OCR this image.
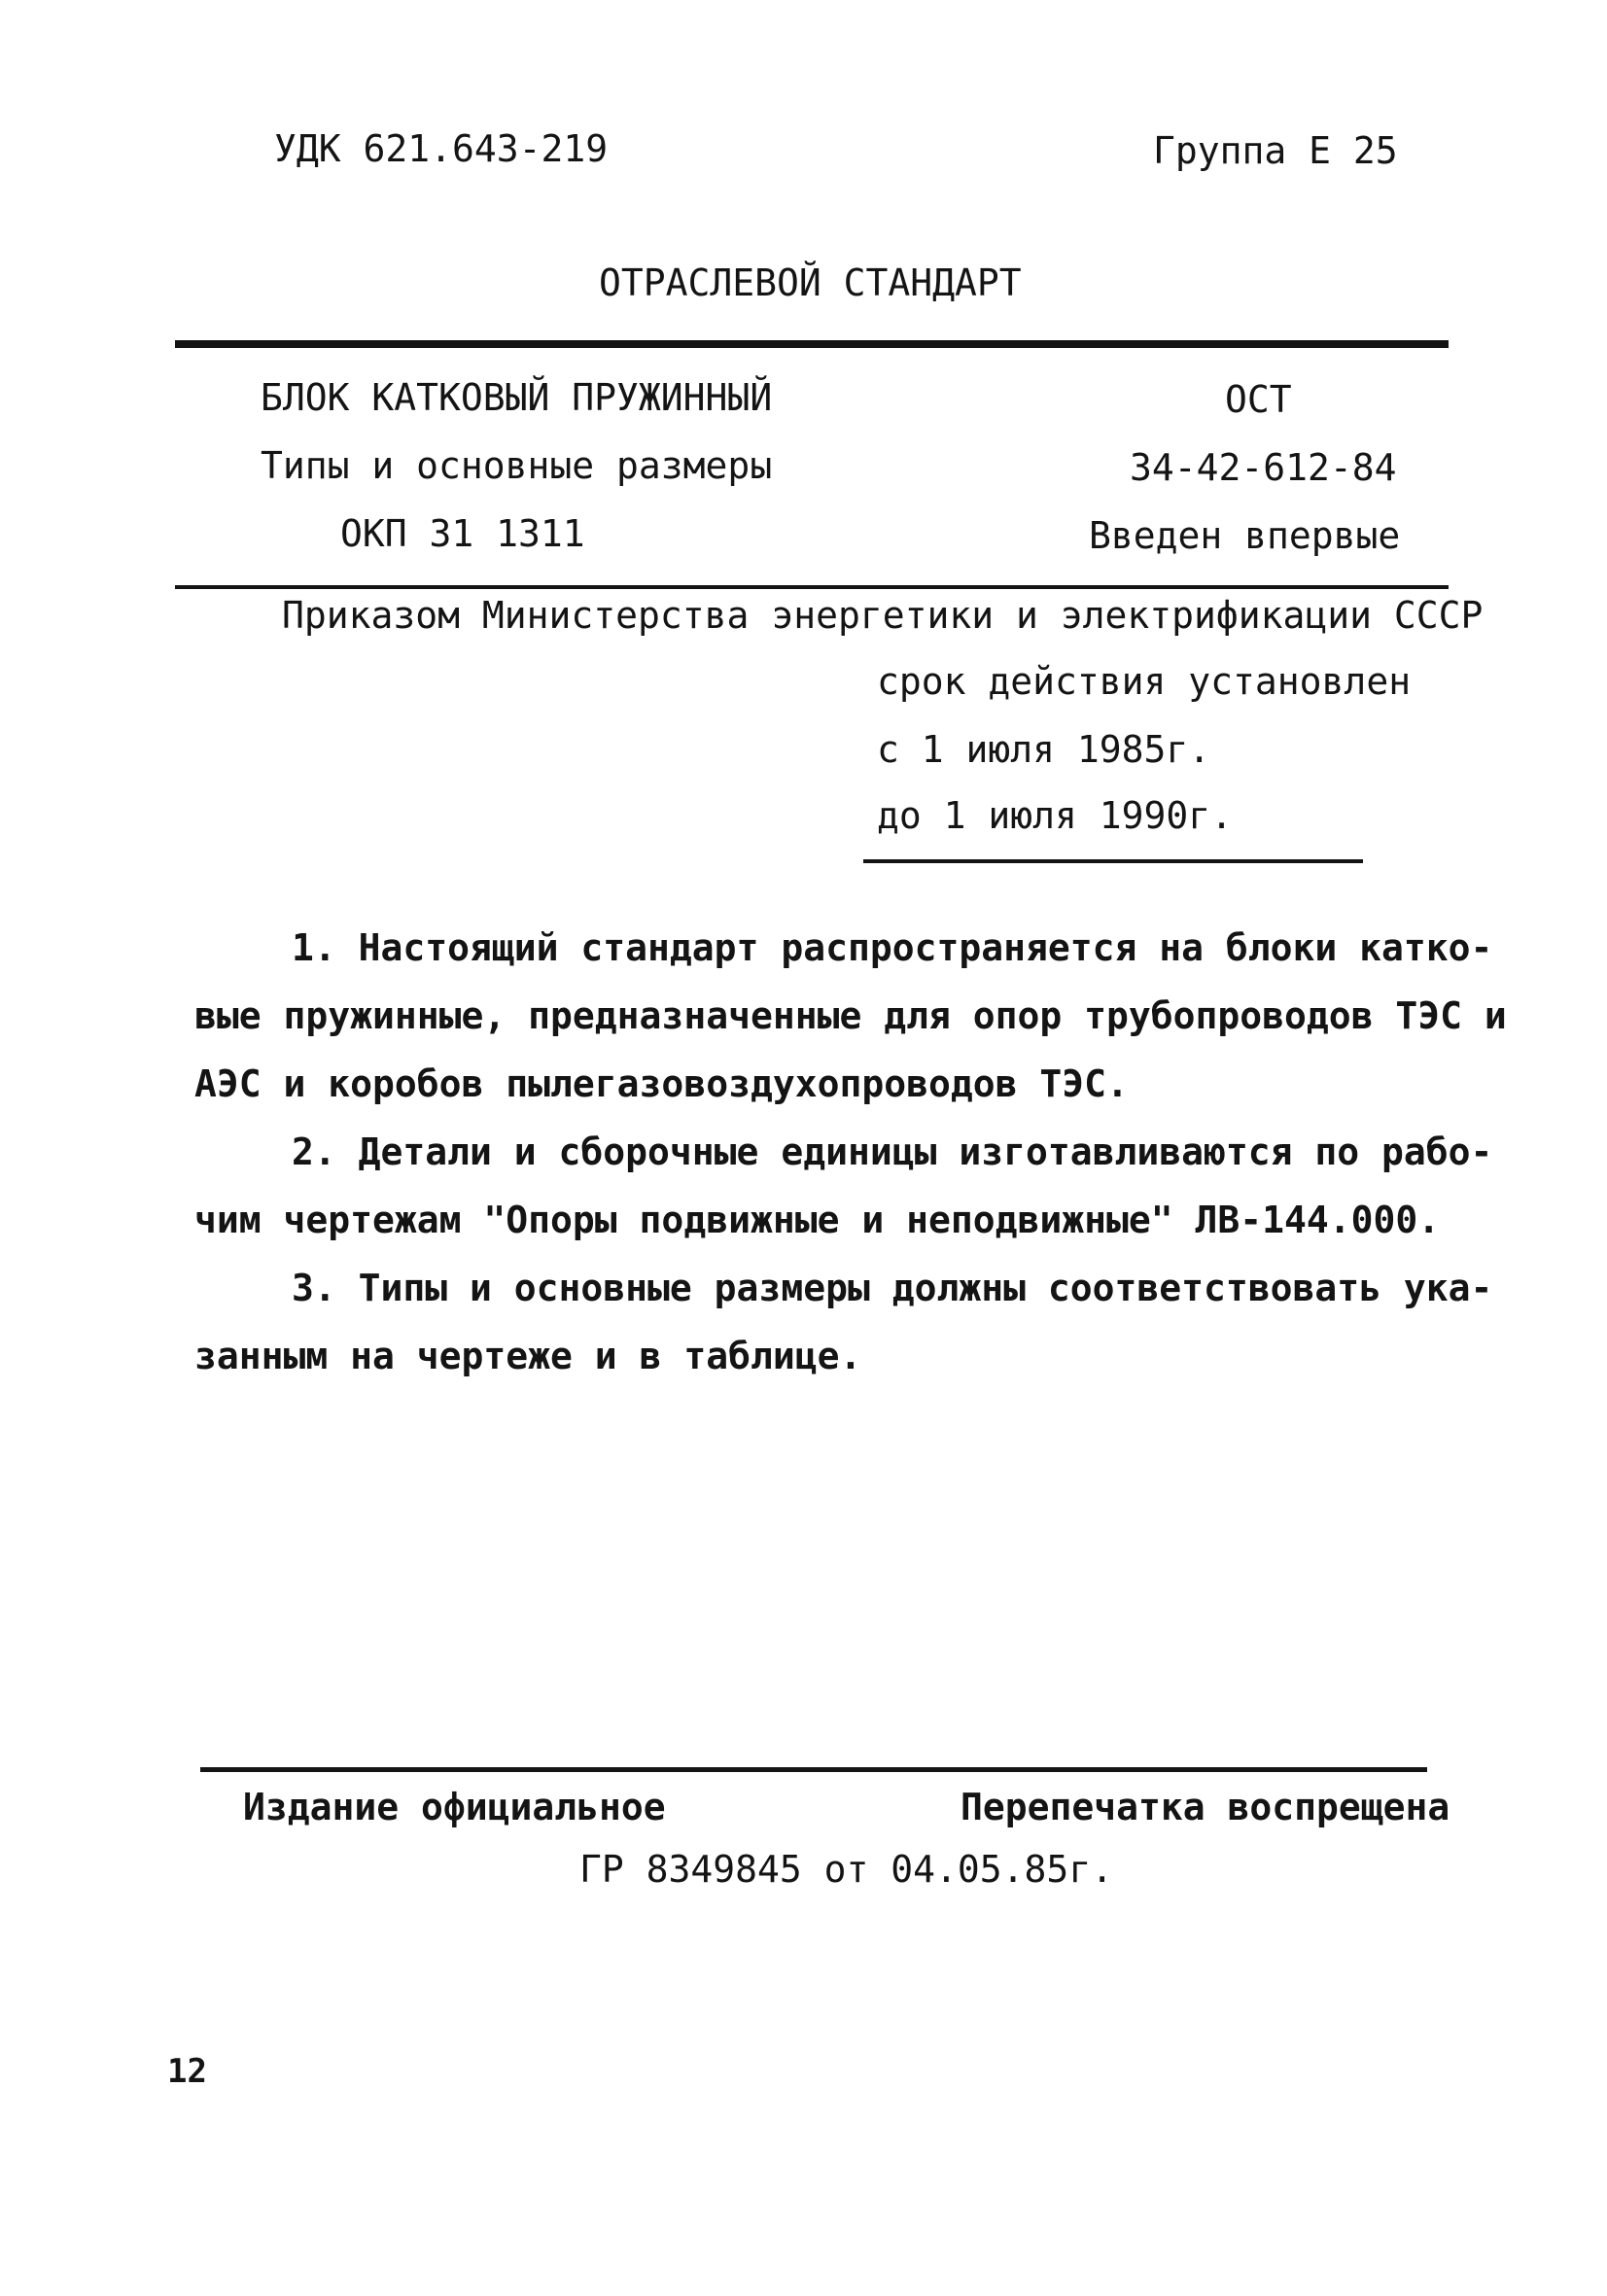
УДК 621.643-219	Группа Е 25
ОТРАСЛЕВОЙ СТАНДАРТ
БЛОК КАТКОВЫЙ ПРУЖИННЫЙ
Типы и основные размеры
ОКП 31 1311
ОСТ
34-42-612-84
Введен впервые
Приказом Министерства энергетики и электрификации СССР
срок действия установлен
с 1 июля 1985г.
до 1 июля 1990г.
1. Настоящий стандарт распространяется на блоки катко-
вые пружинные, предназначенные для опор трубопроводов ТЭС и
АЭС и коробов пылегазовоздухопроводов ТЭС.
2. Детали и сборочные единицы изготавливаются по рабо-
чим чертежам "Опоры подвижные и неподвижные" ЛВ-144.000.
3. Типы и основные размеры должны соответствовать ука-
занным на чертеже и в таблице.
Издание официальное	Перепечатка воспрещена
ГР 8349845 от 04.05.85г.
12
